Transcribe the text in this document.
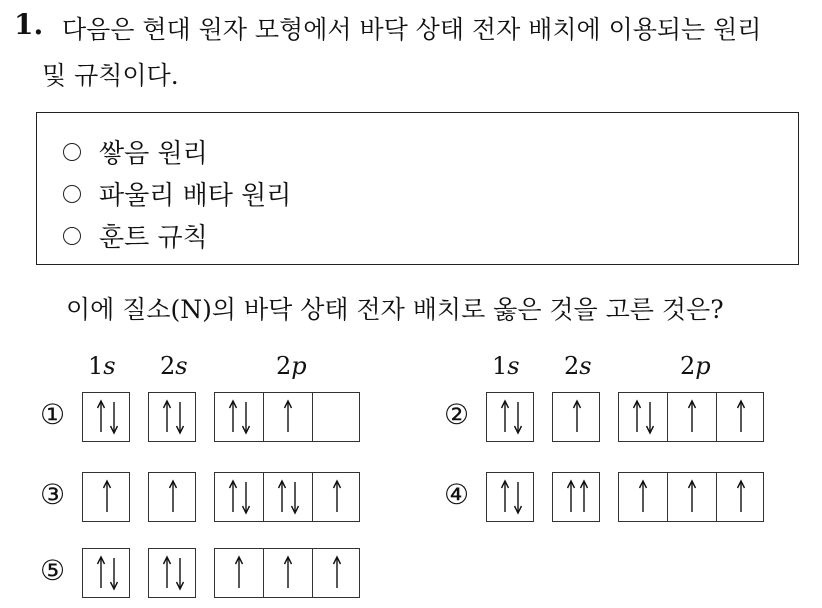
1. 다음은 현대 원자 모형에서 바닥 상태 전자 배치에 이용되는 원리
및 규칙이다.
쌓음 원리
파울리 배타 원리
훈트 규칙
이에 질소(N)의 바닥 상태 전자 배치로 옳은 것을 고른 것은?
1s 2s	2p	1s 2s	2p
①	②
③	④
⑤
